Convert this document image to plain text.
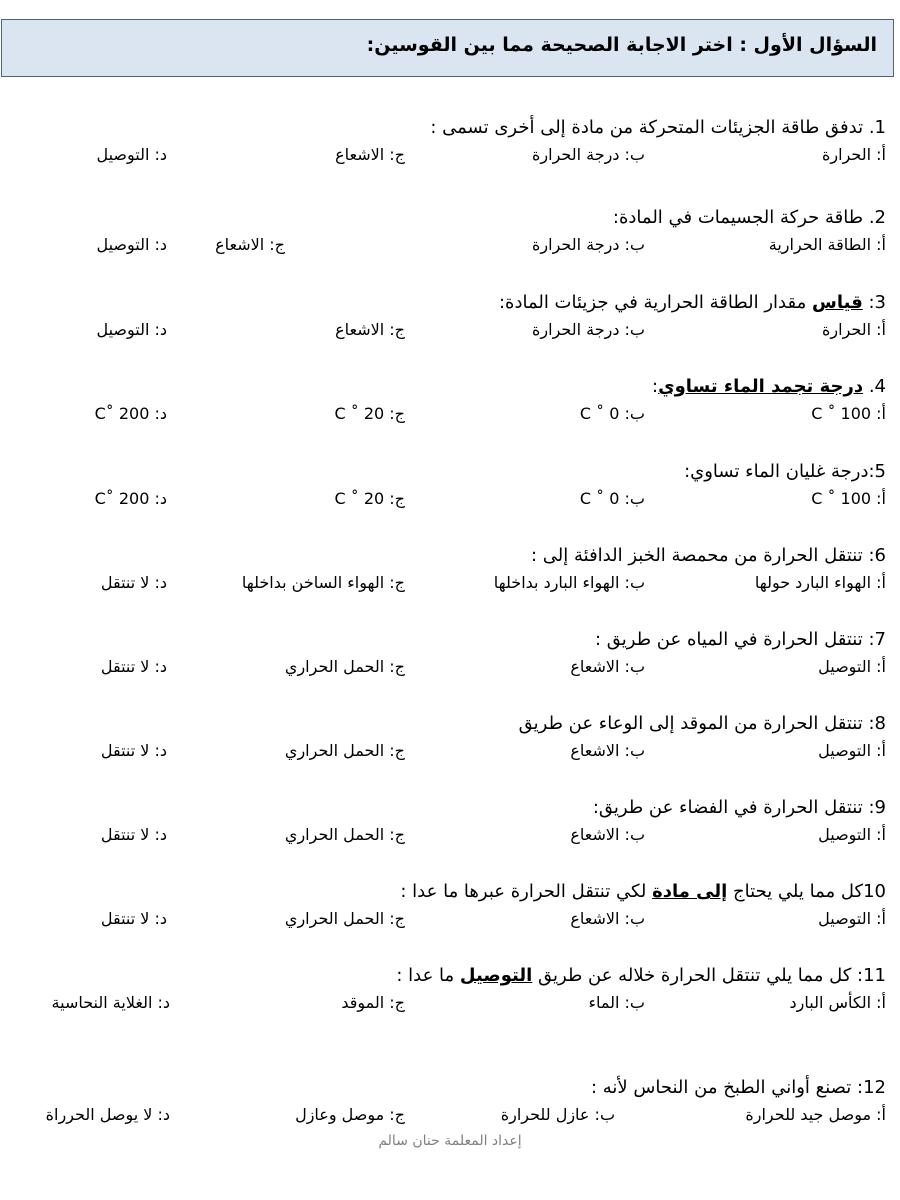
السؤال الأول : اختر الاجابة الصحيحة مما بين القوسين:
1. تدفق طاقة الجزيئات المتحركة من مادة إلى أخرى تسمى :
أ: الحرارة
ب: درجة الحرارة
ج: الاشعاع
د: التوصيل
2. طاقة حركة الجسيمات في المادة:
أ: الطاقة الحرارية
ب: درجة الحرارة
ج: الاشعاع
د: التوصيل
3: قياس مقدار الطاقة الحرارية في جزيئات المادة:
أ: الحرارة
ب: درجة الحرارة
ج: الاشعاع
د: التوصيل
4. درجة تجمد الماء تساوي:
أ: C ˚ 100
ب: C ˚ 0
ج: C ˚ 20
د: C˚ 200
5:درجة غليان الماء تساوي:
أ: C ˚ 100
ب: C ˚ 0
ج: C ˚ 20
د: C˚ 200
6: تنتقل الحرارة من محمصة الخبز الدافئة إلى :
أ: الهواء البارد حولها
ب: الهواء البارد بداخلها
ج: الهواء الساخن بداخلها
د: لا تنتقل
7: تنتقل الحرارة في المياه عن طريق :
أ: التوصيل
ب: الاشعاع
ج: الحمل الحراري
د: لا تنتقل
8: تنتقل الحرارة من الموقد إلى الوعاء عن طريق
أ: التوصيل
ب: الاشعاع
ج: الحمل الحراري
د: لا تنتقل
9: تنتقل الحرارة في الفضاء عن طريق:
أ: التوصيل
ب: الاشعاع
ج: الحمل الحراري
د: لا تنتقل
10كل مما يلي يحتاج إلى مادة لكي تنتقل الحرارة عبرها ما عدا :
أ: التوصيل
ب: الاشعاع
ج: الحمل الحراري
د: لا تنتقل
11: كل مما يلي تنتقل الحرارة خلاله عن طريق التوصيل ما عدا :
أ: الكأس البارد
ب: الماء
ج: الموقد
د: الغلاية النحاسية
12: تصنع أواني الطبخ من النحاس لأنه :
أ: موصل جيد للحرارة
ب: عازل للحرارة
ج: موصل وعازل
د: لا يوصل الحرراة
إعداد المعلمة حنان سالم
